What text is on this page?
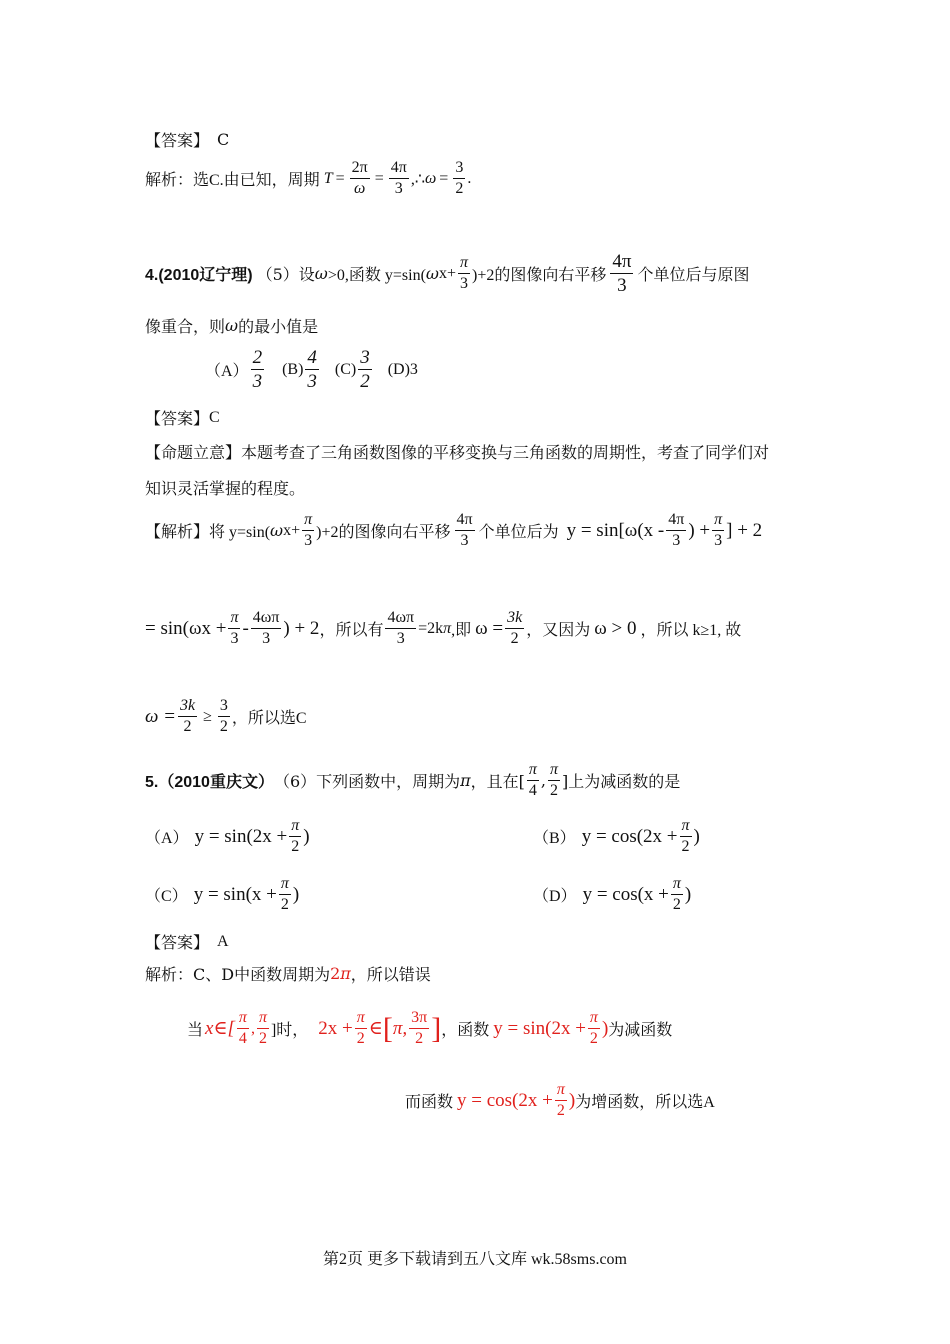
【答案】 C
解析：选C.由已知，周期 $T = \frac{2\pi}{\omega} = \frac{4\pi}{3}$ ,∴ $\omega = \frac{3}{2}$ .
4.(2010辽宁理) （5）设 ω >0,函数 y=sin( ω $x+ \frac{\pi}{3} )+2$的图像向右平移 $\frac{4\pi}{3}$ 个单位后与原图
像重合，则 ω 的最小值是
$(A) \frac{2}{3} (B) \frac{4}{3} (C) \frac{3}{2} (D)3$
【答案】 C
【命题立意】 本题考查了三角函数图像的平移变换与三角函数的周期性，考查了同学们对
知识灵活掌握的程度。
【解析】 将 y=sin( ω $x+ \frac{\pi}{3} )+2$的图像向右平移 $\frac{4\pi}{3}$ 个单位后为 $y = \sin[\omega(x - \frac{4\pi}{3}$ ) + $\frac{\pi}{3}$ ] + 2
= $\sin(\omega x + \frac{\pi}{3} - \frac{4\omega\pi}{3}$ ) + 2 ，所以有 $\frac{4\omega\pi}{3} =2k$ π ,即 $\omega = \frac{3k}{2}$ ，又因为 ω > 0 ，所以 k≥1, 故
$\omega = \frac{3k}{2} \ge \frac{3}{2}$ ，所以选C
5.（2010重庆文） （6）下列函数中，周期为 π ，且在[ $\frac{\pi}{4}$ , $\frac{\pi}{2}$ ]上为减函数的是
（A） $y = \sin(2x + \frac{\pi}{2}$ )	（B） $y = \cos(2x + \frac{\pi}{2}$ )
（C） $y = \sin(x + \frac{\pi}{2}$ )	（D） $y = \cos(x + \frac{\pi}{2}$ )
【答案】 A
解析：C、D中函数周期为 2 π ，所以错误
当 x∈[ $\frac{\pi}{4}$ , $\frac{\pi}{2}$ ]时， $2x + \frac{\pi}{2}$ ∈ [ π, $\frac{3\pi}{2}$ ] ，函数 $y = \sin(2x + \frac{\pi}{2}$ ) 为减函数
而函数 $y = \cos(2x + \frac{\pi}{2}$ ) 为增函数，所以选A
第2页 更多下载请到五八文库 wk.58sms.com
